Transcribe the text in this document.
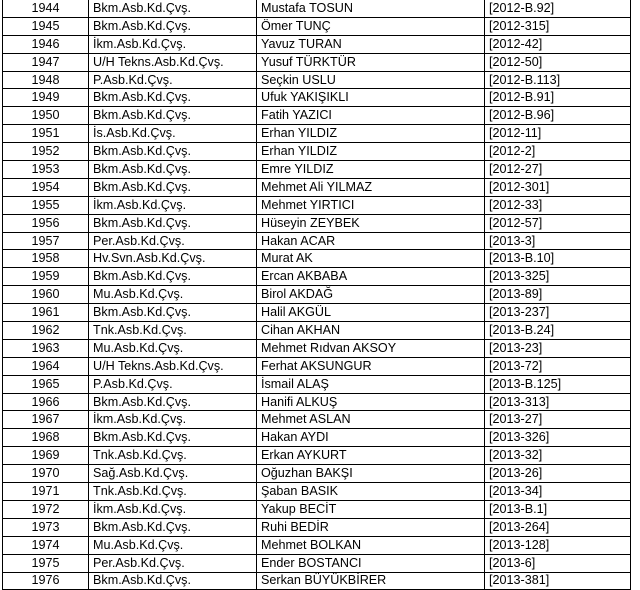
1944	Bkm.Asb.Kd.Çvş.	Mustafa TOSUN	[2012-B.92]
1945	Bkm.Asb.Kd.Çvş.	Ömer TUNÇ	[2012-315]
1946	İkm.Asb.Kd.Çvş.	Yavuz TURAN	[2012-42]
1947	U/H Tekns.Asb.Kd.Çvş.	Yusuf TÜRKTÜR	[2012-50]
1948	P.Asb.Kd.Çvş.	Seçkin USLU	[2012-B.113]
1949	Bkm.Asb.Kd.Çvş.	Ufuk YAKIŞIKLI	[2012-B.91]
1950	Bkm.Asb.Kd.Çvş.	Fatih YAZICI	[2012-B.96]
1951	İs.Asb.Kd.Çvş.	Erhan YILDIZ	[2012-11]
1952	Bkm.Asb.Kd.Çvş.	Erhan YILDIZ	[2012-2]
1953	Bkm.Asb.Kd.Çvş.	Emre YILDIZ	[2012-27]
1954	Bkm.Asb.Kd.Çvş.	Mehmet Ali YILMAZ	[2012-301]
1955	İkm.Asb.Kd.Çvş.	Mehmet YIRTICI	[2012-33]
1956	Bkm.Asb.Kd.Çvş.	Hüseyin ZEYBEK	[2012-57]
1957	Per.Asb.Kd.Çvş.	Hakan ACAR	[2013-3]
1958	Hv.Svn.Asb.Kd.Çvş.	Murat AK	[2013-B.10]
1959	Bkm.Asb.Kd.Çvş.	Ercan AKBABA	[2013-325]
1960	Mu.Asb.Kd.Çvş.	Birol AKDAĞ	[2013-89]
1961	Bkm.Asb.Kd.Çvş.	Halil AKGÜL	[2013-237]
1962	Tnk.Asb.Kd.Çvş.	Cihan AKHAN	[2013-B.24]
1963	Mu.Asb.Kd.Çvş.	Mehmet Rıdvan AKSOY	[2013-23]
1964	U/H Tekns.Asb.Kd.Çvş.	Ferhat AKSUNGUR	[2013-72]
1965	P.Asb.Kd.Çvş.	İsmail ALAŞ	[2013-B.125]
1966	Bkm.Asb.Kd.Çvş.	Hanifi ALKUŞ	[2013-313]
1967	İkm.Asb.Kd.Çvş.	Mehmet ASLAN	[2013-27]
1968	Bkm.Asb.Kd.Çvş.	Hakan AYDI	[2013-326]
1969	Tnk.Asb.Kd.Çvş.	Erkan AYKURT	[2013-32]
1970	Sağ.Asb.Kd.Çvş.	Oğuzhan BAKŞI	[2013-26]
1971	Tnk.Asb.Kd.Çvş.	Şaban BASIK	[2013-34]
1972	İkm.Asb.Kd.Çvş.	Yakup BECİT	[2013-B.1]
1973	Bkm.Asb.Kd.Çvş.	Ruhi BEDİR	[2013-264]
1974	Mu.Asb.Kd.Çvş.	Mehmet BOLKAN	[2013-128]
1975	Per.Asb.Kd.Çvş.	Ender BOSTANCI	[2013-6]
1976	Bkm.Asb.Kd.Çvş.	Serkan BÜYÜKBİRER	[2013-381]
